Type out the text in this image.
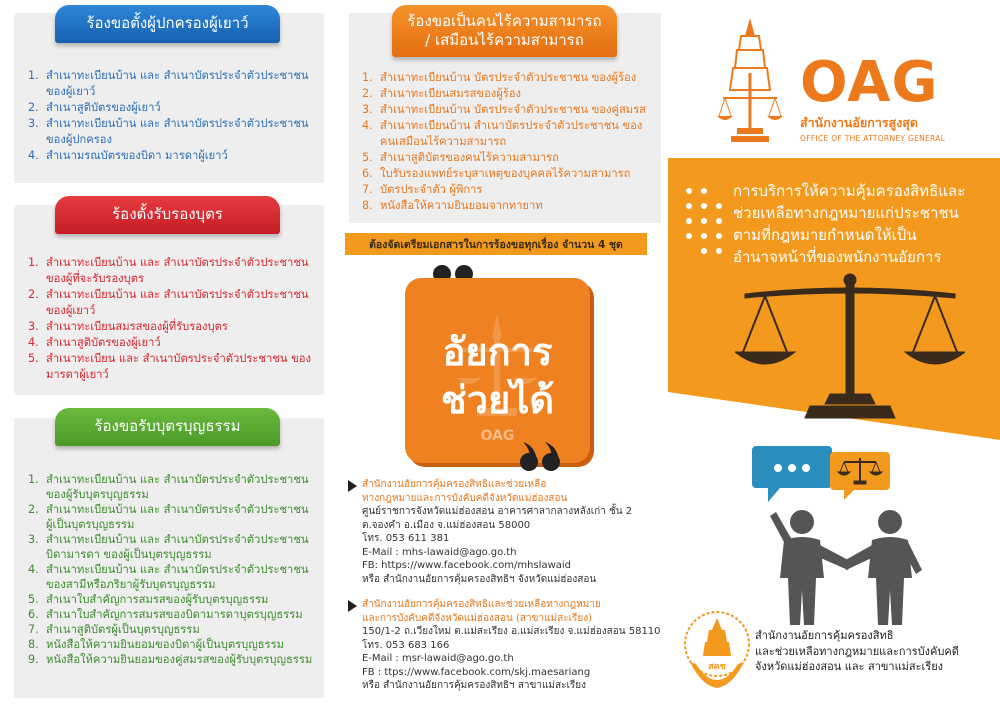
ร้องขอตั้งผู้ปกครองผู้เยาว์
1. สำเนาทะเบียนบ้าน และ สำเนาบัตรประจำตัวประชาชน ของผู้เยาว์
2. สำเนาสูติบัตรของผู้เยาว์
3. สำเนาทะเบียนบ้าน และ สำเนาบัตรประจำตัวประชาชน ของผู้ปกครอง
4. สำเนามรณบัตรของบิดา มารดาผู้เยาว์
ร้องตั้งรับรองบุตร
1. สำเนาทะเบียนบ้าน และ สำเนาบัตรประจำตัวประชาชน ของผู้ที่จะรับรองบุตร
2. สำเนาทะเบียนบ้าน และ สำเนาบัตรประจำตัวประชาชน ของผู้เยาว์
3. สำเนาทะเบียนสมรสของผู้ที่รับรองบุตร
4. สำเนาสูติบัตรของผู้เยาว์
5. สำเนาทะเบียน และ สำเนาบัตรประจำตัวประชาชน ของมารดาผู้เยาว์
ร้องขอรับบุตรบุญธรรม
1. สำเนาทะเบียนบ้าน และ สำเนาบัตรประจำตัวประชาชน ของผู้รับบุตรบุญธรรม
2. สำเนาทะเบียนบ้าน และ สำเนาบัตรประจำตัวประชาชน ผู้เป็นบุตรบุญธรรม
3. สำเนาทะเบียนบ้าน และ สำเนาบัตรประจำตัวประชาชน บิดามารดา ของผู้เป็นบุตรบุญธรรม
4. สำเนาทะเบียนบ้าน และ สำเนาบัตรประจำตัวประชาชน ของสามีหรือภริยาผู้รับบุตรบุญธรรม
5. สำเนาใบสำคัญการสมรสของผู้รับบุตรบุญธรรม
6. สำเนาใบสำคัญการสมรสของบิดามารดาบุตรบุญธรรม
7. สำเนาสูติบัตรผู้เป็นบุตรบุญธรรม
8. หนังสือให้ความยินยอมของบิดาผู้เป็นบุตรบุญธรรม
9. หนังสือให้ความยินยอมของคู่สมรสของผู้รับบุตรบุญธรรม
ร้องขอเป็นคนไร้ความสามารถ
/ เสมือนไร้ความสามารถ
1. สำเนาทะเบียนบ้าน บัตรประจำตัวประชาชน ของผู้ร้อง
2. สำเนาทะเบียนสมรสของผู้ร้อง
3. สำเนาทะเบียนบ้าน บัตรประจำตัวประชาชน ของคู่สมรส
4. สำเนาทะเบียนบ้าน สำเนาบัตรประจำตัวประชาชน ของคนเสมือนไร้ความสามารถ
5. สำเนาสูติบัตรของคนไร้ความสามารถ
6. ใบรับรองแพทย์ระบุสาเหตุของบุคคลไร้ความสามารถ
7. บัตรประจำตัว ผู้พิการ
8. หนังสือให้ความยินยอมจากทายาท
ต้องจัดเตรียมเอกสารในการร้องขอทุกเรื่อง จำนวน 4 ชุด
อัยการ
ช่วยได้
OAG
สำนักงานอัยการคุ้มครองสิทธิและช่วยเหลือ
ทางกฎหมายและการบังคับคดีจังหวัดแม่ฮ่องสอน
ศูนย์ราชการจังหวัดแม่ฮ่องสอน อาคารศาลากลางหลังเก่า ชั้น 2
ต.จองคำ อ.เมือง จ.แม่ฮ่องสอน 58000
โทร. 053 611 381
E-Mail : mhs-lawaid@ago.go.th
FB: https://www.facebook.com/mhslawaid
หรือ สำนักงานอัยการคุ้มครองสิทธิฯ จังหวัดแม่ฮ่องสอน
สำนักงานอัยการคุ้มครองสิทธิและช่วยเหลือทางกฎหมาย
และการบังคับคดีจังหวัดแม่ฮ่องสอน (สาขาแม่สะเรียง)
150/1-2 ถ.เวียงใหม่ ต.แม่สะเรียง อ.แม่สะเรียง จ.แม่ฮ่องสอน 58110
โทร. 053 683 166
E-Mail : msr-lawaid@ago.go.th
FB : ttps://www.facebook.com/skj.maesariang
หรือ สำนักงานอัยการคุ้มครองสิทธิฯ สาขาแม่สะเรียง
OAG
สำนักงานอัยการสูงสุด
OFFICE OF THE ATTORNEY GENERAL
การบริการให้ความคุ้มครองสิทธิและ
ช่วยเหลือทางกฎหมายแก่ประชาชน
ตามที่กฎหมายกำหนดให้เป็น
อำนาจหน้าที่ของพนักงานอัยการ
สคช
สำนักงานอัยการคุ้มครองสิทธิ
และช่วยเหลือทางกฎหมายและการบังคับคดี
จังหวัดแม่ฮ่องสอน และ สาขาแม่สะเรียง
